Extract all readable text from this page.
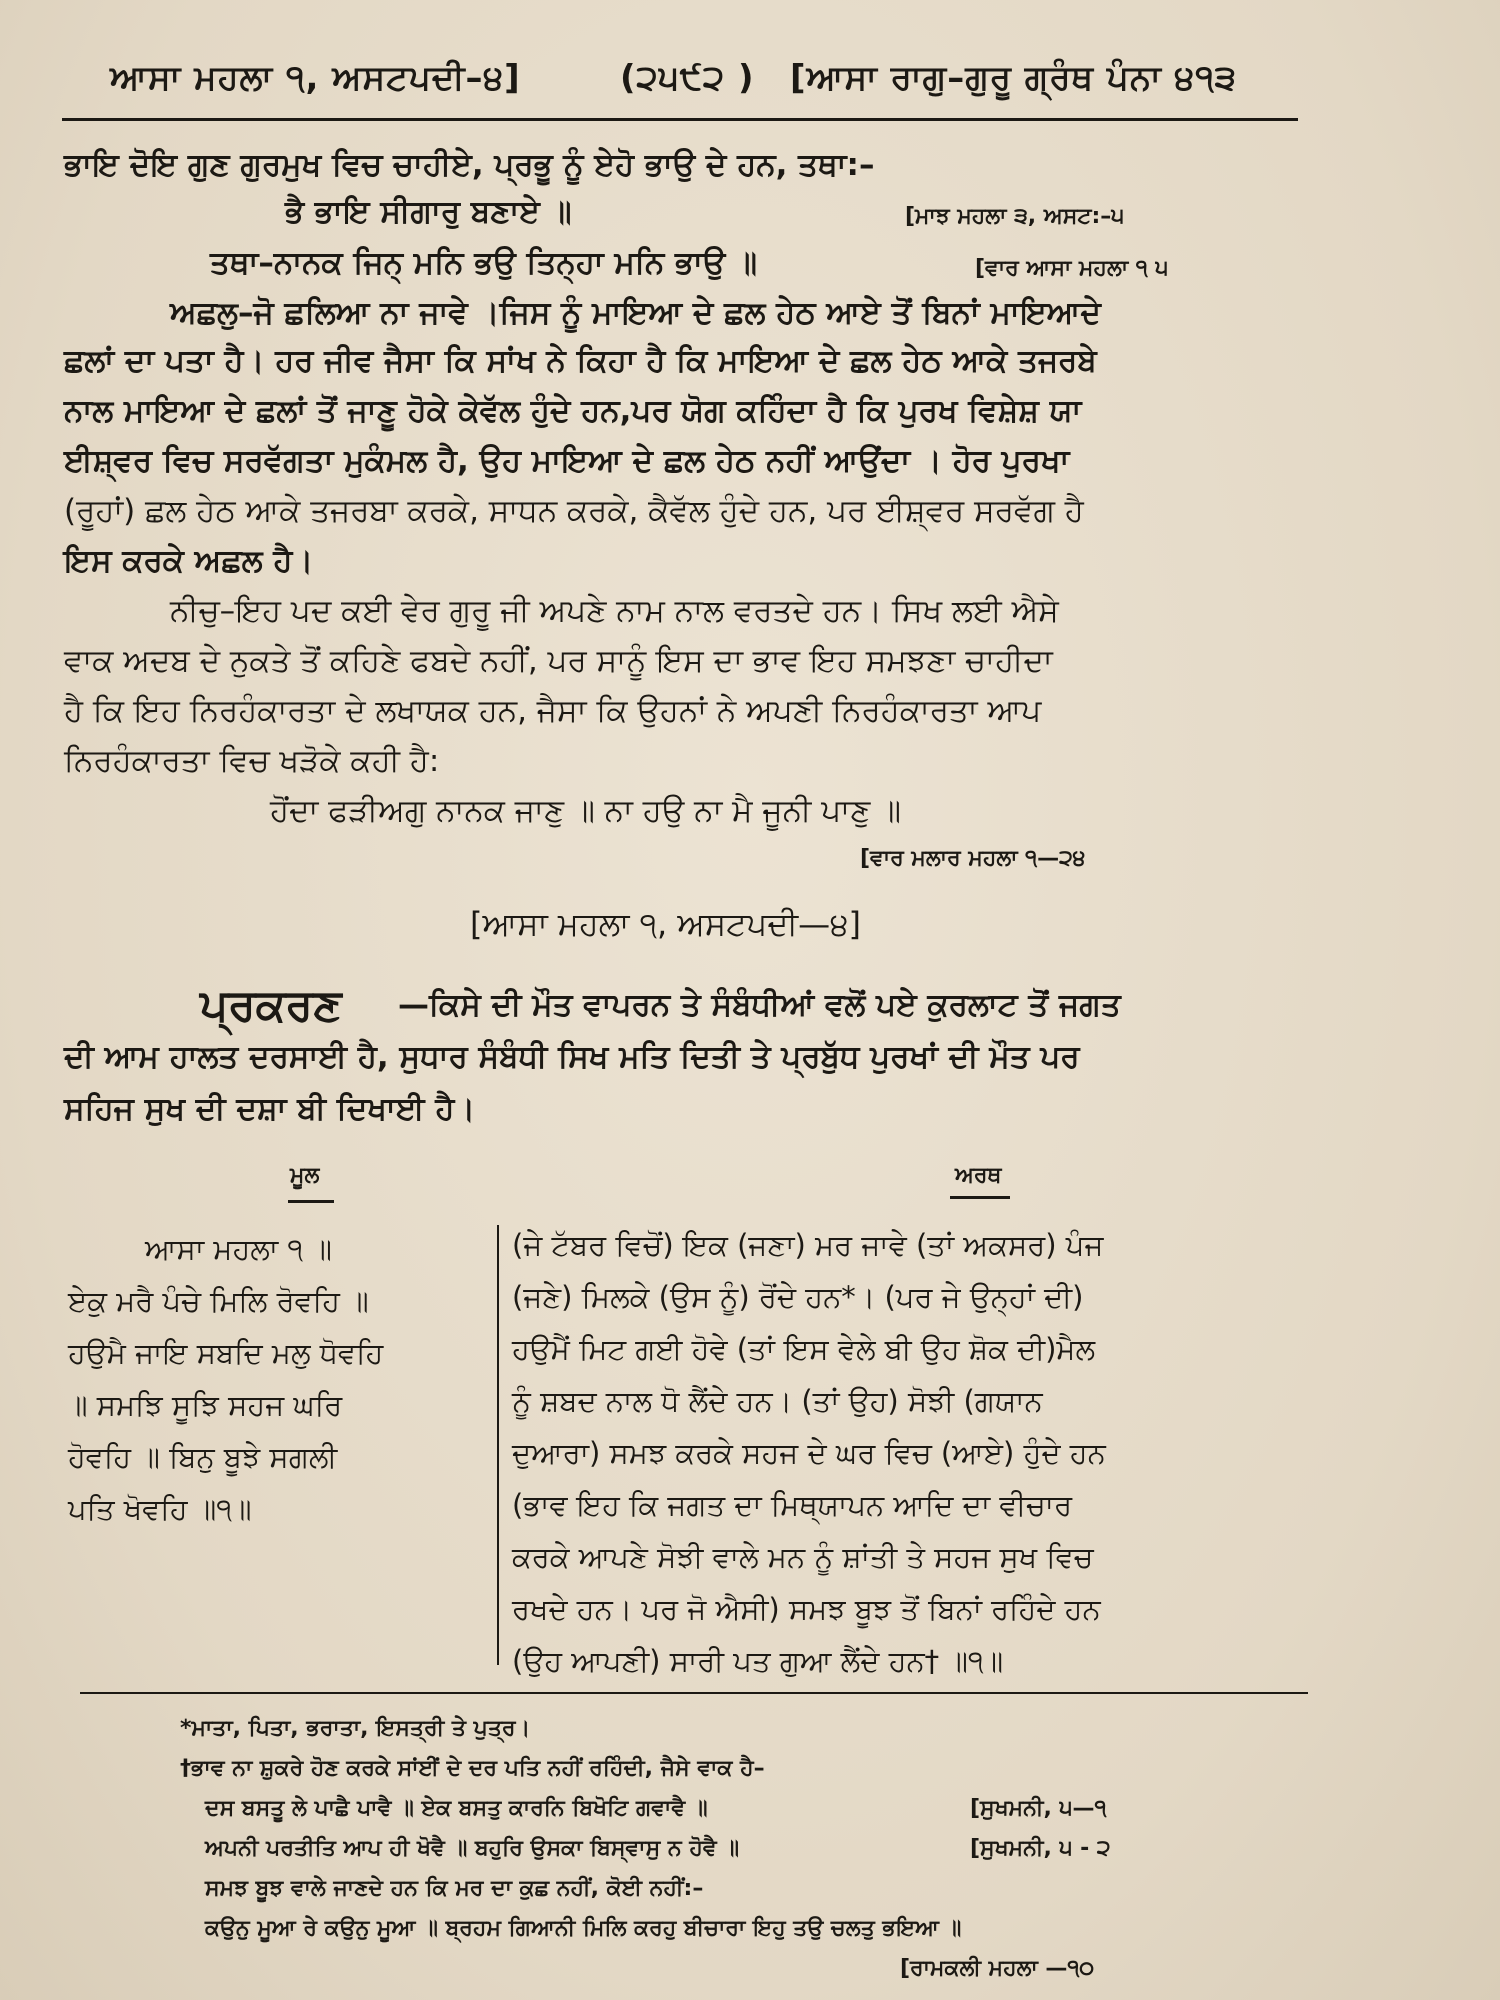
ਆਸਾ ਮਹਲਾ ੧, ਅਸਟਪਦੀ–੪]	(੨੫੯੨ ) [ਆਸਾ ਰਾਗੁ–ਗੁਰੂ ਗ੍ਰੰਥ ਪੰਨਾ ੪੧੩
ਭਾਇ ਦੋਇ ਗੁਣ ਗੁਰਮੁਖ ਵਿਚ ਚਾਹੀਏ, ਪ੍ਰਭੂ ਨੂੰ ਏਹੋ ਭਾਉ ਦੇ ਹਨ, ਤਥਾ:–
ਭੈ ਭਾਇ ਸੀਗਾਰੁ ਬਣਾਏ ॥	[ਮਾਝ ਮਹਲਾ ੩, ਅਸਟ:–੫
ਤਥਾ–ਨਾਨਕ ਜਿਨ੍ ਮਨਿ ਭਉ ਤਿਨ੍ਹਾ ਮਨਿ ਭਾਉ ॥	[ਵਾਰ ਆਸਾ ਮਹਲਾ ੧ ੫
ਅਛਲੁ–ਜੋ ਛਲਿਆ ਨਾ ਜਾਵੇ ।ਜਿਸ ਨੂੰ ਮਾਇਆ ਦੇ ਛਲ ਹੇਠ ਆਏ ਤੋਂ ਬਿਨਾਂ ਮਾਇਆਦੇ
ਛਲਾਂ ਦਾ ਪਤਾ ਹੈ। ਹਰ ਜੀਵ ਜੈਸਾ ਕਿ ਸਾਂਖ ਨੇ ਕਿਹਾ ਹੈ ਕਿ ਮਾਇਆ ਦੇ ਛਲ ਹੇਠ ਆਕੇ ਤਜਰਬੇ
ਨਾਲ ਮਾਇਆ ਦੇ ਛਲਾਂ ਤੋਂ ਜਾਣੂ ਹੋਕੇ ਕੇਵੱਲ ਹੁੰਦੇ ਹਨ,ਪਰ ਯੋਗ ਕਹਿੰਦਾ ਹੈ ਕਿ ਪੁਰਖ ਵਿਸ਼ੇਸ਼ ਯਾ
ਈਸ਼੍ਵਰ ਵਿਚ ਸਰਵੱਗਤਾ ਮੁਕੰਮਲ ਹੈ, ਉਹ ਮਾਇਆ ਦੇ ਛਲ ਹੇਠ ਨਹੀਂ ਆਉਂਦਾ । ਹੋਰ ਪੁਰਖਾ
(ਰੂਹਾਂ) ਛਲ ਹੇਠ ਆਕੇ ਤਜਰਬਾ ਕਰਕੇ, ਸਾਧਨ ਕਰਕੇ, ਕੈਵੱਲ ਹੁੰਦੇ ਹਨ, ਪਰ ਈਸ਼੍ਵਰ ਸਰਵੱਗ ਹੈ
ਇਸ ਕਰਕੇ ਅਛਲ ਹੈ।
ਨੀਚੁ–ਇਹ ਪਦ ਕਈ ਵੇਰ ਗੁਰੂ ਜੀ ਅਪਣੇ ਨਾਮ ਨਾਲ ਵਰਤਦੇ ਹਨ। ਸਿਖ ਲਈ ਐਸੇ
ਵਾਕ ਅਦਬ ਦੇ ਨੁਕਤੇ ਤੋਂ ਕਹਿਣੇ ਫਬਦੇ ਨਹੀਂ, ਪਰ ਸਾਨੂੰ ਇਸ ਦਾ ਭਾਵ ਇਹ ਸਮਝਣਾ ਚਾਹੀਦਾ
ਹੈ ਕਿ ਇਹ ਨਿਰਹੰਕਾਰਤਾ ਦੇ ਲਖਾਯਕ ਹਨ, ਜੈਸਾ ਕਿ ਉਹਨਾਂ ਨੇ ਅਪਣੀ ਨਿਰਹੰਕਾਰਤਾ ਆਪ
ਨਿਰਹੰਕਾਰਤਾ ਵਿਚ ਖੜੋਕੇ ਕਹੀ ਹੈ:
ਹੋਂਦਾ ਫੜੀਅਗੁ ਨਾਨਕ ਜਾਣੁ ॥ ਨਾ ਹਉ ਨਾ ਮੈ ਜੂਨੀ ਪਾਣੁ ॥
[ਵਾਰ ਮਲਾਰ ਮਹਲਾ ੧—੨੪
[ਆਸਾ ਮਹਲਾ ੧, ਅਸਟਪਦੀ—੪]
ਪ੍ਰਕਰਣ —ਕਿਸੇ ਦੀ ਮੌਤ ਵਾਪਰਨ ਤੇ ਸੰਬੰਧੀਆਂ ਵਲੋਂ ਪਏ ਕੁਰਲਾਟ ਤੋਂ ਜਗਤ
ਦੀ ਆਮ ਹਾਲਤ ਦਰਸਾਈ ਹੈ, ਸੁਧਾਰ ਸੰਬੰਧੀ ਸਿਖ ਮਤਿ ਦਿਤੀ ਤੇ ਪ੍ਰਬੁੱਧ ਪੁਰਖਾਂ ਦੀ ਮੌਤ ਪਰ
ਸਹਿਜ ਸੁਖ ਦੀ ਦਸ਼ਾ ਬੀ ਦਿਖਾਈ ਹੈ।
ਮੂਲ	ਅਰਥ
ਆਸਾ ਮਹਲਾ ੧ ॥
ਏਕੁ ਮਰੈ ਪੰਚੇ ਮਿਲਿ ਰੋਵਹਿ ॥
ਹਉਮੈ ਜਾਇ ਸਬਦਿ ਮਲੁ ਧੋਵਹਿ
॥ ਸਮਝਿ ਸੂਝਿ ਸਹਜ ਘਰਿ
ਹੋਵਹਿ ॥ ਬਿਨੁ ਬੂਝੇ ਸਗਲੀ
ਪਤਿ ਖੋਵਹਿ ॥੧॥
(ਜੇ ਟੱਬਰ ਵਿਚੋਂ) ਇਕ (ਜਣਾ) ਮਰ ਜਾਵੇ (ਤਾਂ ਅਕਸਰ) ਪੰਜ
(ਜਣੇ) ਮਿਲਕੇ (ਉਸ ਨੂੰ) ਰੋਂਦੇ ਹਨ*। (ਪਰ ਜੇ ਉਨ੍ਹਾਂ ਦੀ)
ਹਉਮੈਂ ਮਿਟ ਗਈ ਹੋਵੇ (ਤਾਂ ਇਸ ਵੇਲੇ ਬੀ ਉਹ ਸ਼ੋਕ ਦੀ)ਮੈਲ
ਨੂੰ ਸ਼ਬਦ ਨਾਲ ਧੋ ਲੈਂਦੇ ਹਨ। (ਤਾਂ ਉਹ) ਸੋਝੀ (ਗਯਾਨ
ਦੁਆਰਾ) ਸਮਝ ਕਰਕੇ ਸਹਜ ਦੇ ਘਰ ਵਿਚ (ਆਏ) ਹੁੰਦੇ ਹਨ
(ਭਾਵ ਇਹ ਕਿ ਜਗਤ ਦਾ ਮਿਥ੍ਯਾਪਨ ਆਦਿ ਦਾ ਵੀਚਾਰ
ਕਰਕੇ ਆਪਣੇ ਸੋਝੀ ਵਾਲੇ ਮਨ ਨੂੰ ਸ਼ਾਂਤੀ ਤੇ ਸਹਜ ਸੁਖ ਵਿਚ
ਰਖਦੇ ਹਨ। ਪਰ ਜੋ ਐਸੀ) ਸਮਝ ਬੂਝ ਤੋਂ ਬਿਨਾਂ ਰਹਿੰਦੇ ਹਨ
(ਉਹ ਆਪਣੀ) ਸਾਰੀ ਪਤ ਗੁਆ ਲੈਂਦੇ ਹਨ† ॥੧॥
*ਮਾਤਾ, ਪਿਤਾ, ਭਰਾਤਾ, ਇਸਤ੍ਰੀ ਤੇ ਪੁਤ੍ਰ।
†ਭਾਵ ਨਾ ਸ਼ੁਕਰੇ ਹੋਣ ਕਰਕੇ ਸਾਂਈਂ ਦੇ ਦਰ ਪਤਿ ਨਹੀਂ ਰਹਿੰਦੀ, ਜੈਸੇ ਵਾਕ ਹੈ–
ਦਸ ਬਸਤੂ ਲੇ ਪਾਛੈ ਪਾਵੈ ॥ ਏਕ ਬਸਤੁ ਕਾਰਨਿ ਬਿਖੋਟਿ ਗਵਾਵੈ ॥	[ਸੁਖਮਨੀ, ੫—੧
ਅਪਨੀ ਪਰਤੀਤਿ ਆਪ ਹੀ ਖੋਵੈ ॥ ਬਹੁਰਿ ਉਸਕਾ ਬਿਸ੍ਵਾਸੁ ਨ ਹੋਵੈ ॥	[ਸੁਖਮਨੀ, ੫ - ੨
ਸਮਝ ਬੂਝ ਵਾਲੇ ਜਾਣਦੇ ਹਨ ਕਿ ਮਰ ਦਾ ਕੁਛ ਨਹੀਂ, ਕੋਈ ਨਹੀਂ:–
ਕਉਨੁ ਮੂਆ ਰੇ ਕਉਨੁ ਮੂਆ ॥ ਬ੍ਰਹਮ ਗਿਆਨੀ ਮਿਲਿ ਕਰਹੁ ਬੀਚਾਰਾ ਇਹੁ ਤਉ ਚਲਤੁ ਭਇਆ ॥
[ਰਾਮਕਲੀ ਮਹਲਾ —੧੦
